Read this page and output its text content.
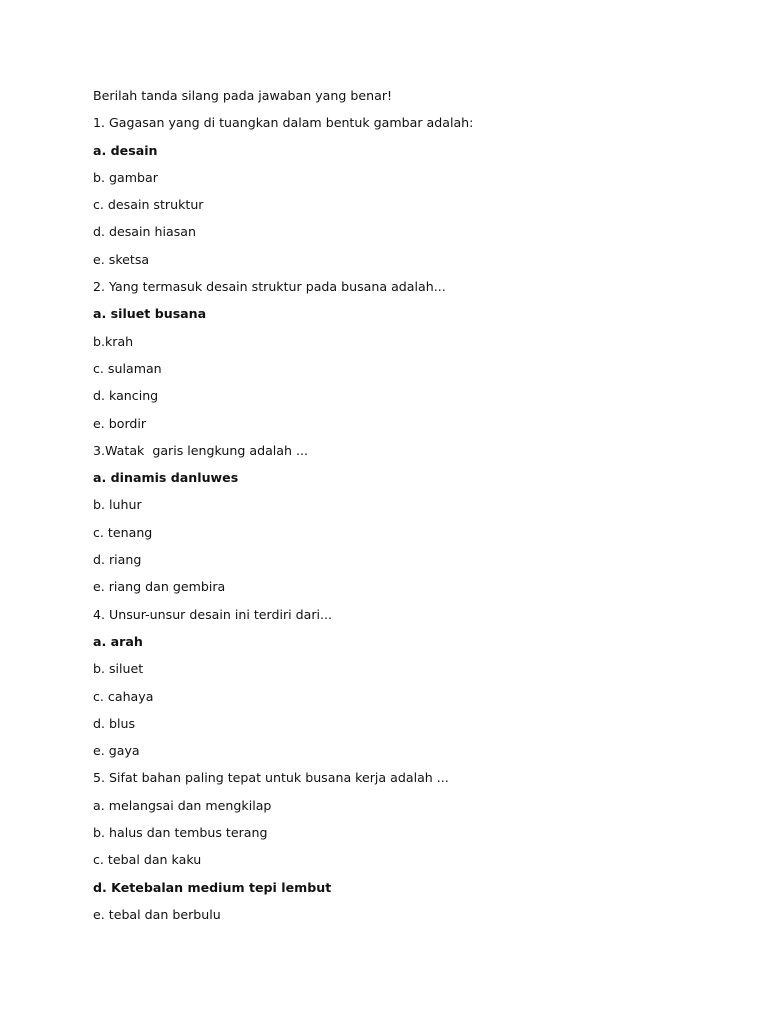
Berilah tanda silang pada jawaban yang benar!
1. Gagasan yang di tuangkan dalam bentuk gambar adalah:
a. desain
b. gambar
c. desain struktur
d. desain hiasan
e. sketsa
2. Yang termasuk desain struktur pada busana adalah...
a. siluet busana
b.krah
c. sulaman
d. kancing
e. bordir
3.Watak  garis lengkung adalah ...
a. dinamis danluwes
b. luhur
c. tenang
d. riang
e. riang dan gembira
4. Unsur-unsur desain ini terdiri dari...
a. arah
b. siluet
c. cahaya
d. blus
e. gaya
5. Sifat bahan paling tepat untuk busana kerja adalah ...
a. melangsai dan mengkilap
b. halus dan tembus terang
c. tebal dan kaku
d. Ketebalan medium tepi lembut
e. tebal dan berbulu
